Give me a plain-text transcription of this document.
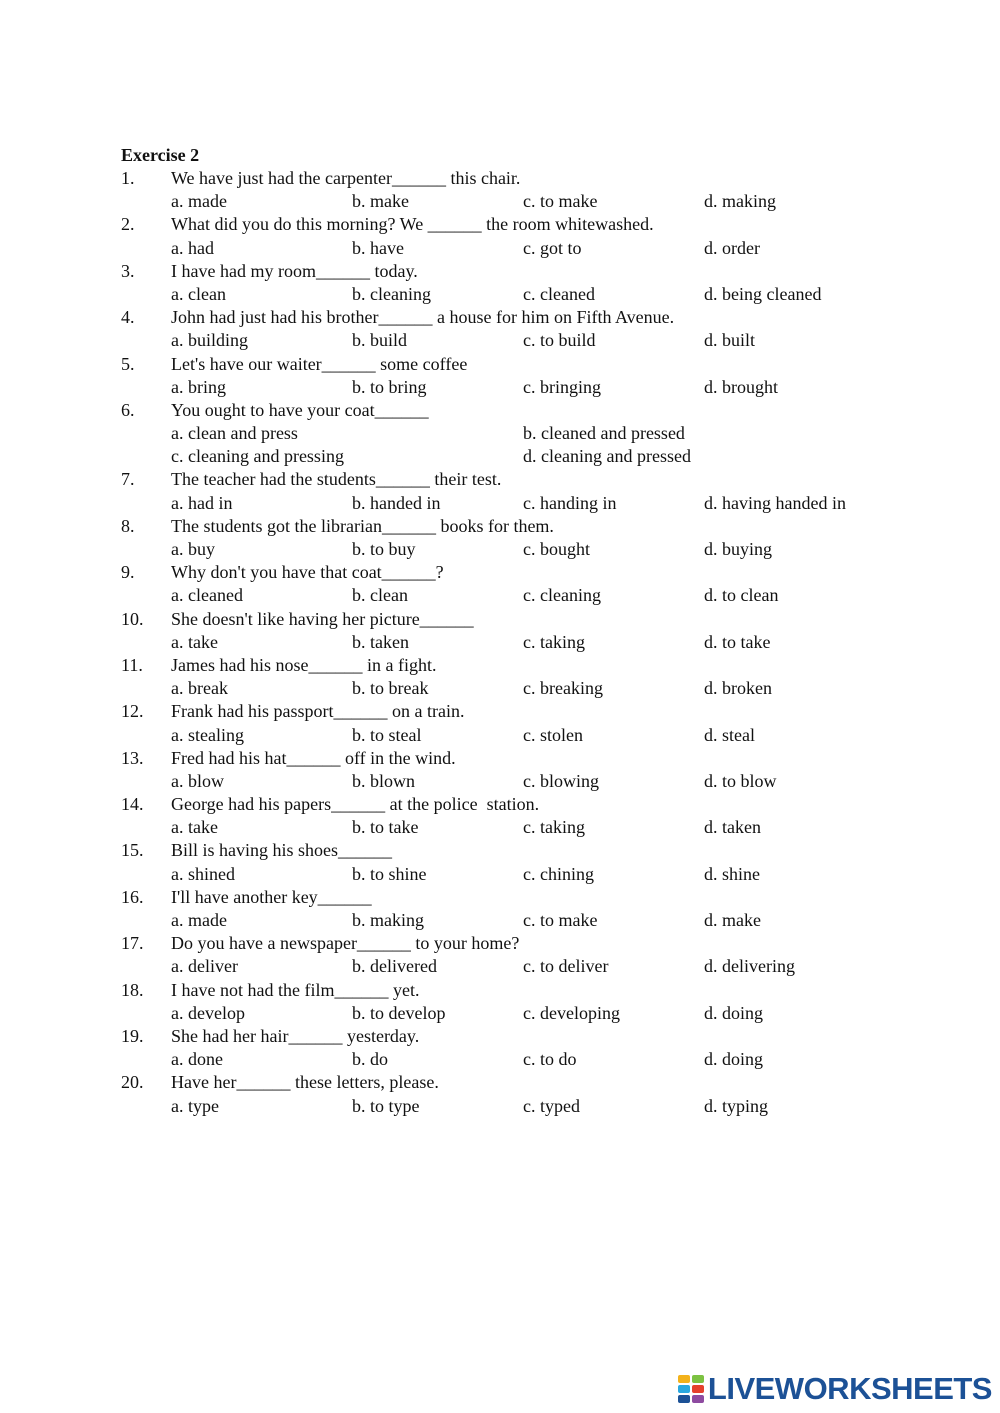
Exercise 2
1. We have just had the carpenter______ this chair.
a. made	b. make	c. to make	d. making
2. What did you do this morning? We ______ the room whitewashed.
a. had	b. have	c. got to	d. order
3. I have had my room______ today.
a. clean	b. cleaning	c. cleaned	d. being cleaned
4. John had just had his brother______ a house for him on Fifth Avenue.
a. building	b. build	c. to build	d. built
5. Let's have our waiter______ some coffee
a. bring	b. to bring	c. bringing	d. brought
6. You ought to have your coat______
a. clean and press	b. cleaned and pressed
c. cleaning and pressing	d. cleaning and pressed
7. The teacher had the students______ their test.
a. had in	b. handed in	c. handing in	d. having handed in
8. The students got the librarian______ books for them.
a. buy	b. to buy	c. bought	d. buying
9. Why don't you have that coat______?
a. cleaned	b. clean	c. cleaning	d. to clean
10. She doesn't like having her picture______
a. take	b. taken	c. taking	d. to take
11. James had his nose______ in a fight.
a. break	b. to break	c. breaking	d. broken
12. Frank had his passport______ on a train.
a. stealing	b. to steal	c. stolen	d. steal
13. Fred had his hat______ off in the wind.
a. blow	b. blown	c. blowing	d. to blow
14. George had his papers______ at the police  station.
a. take	b. to take	c. taking	d. taken
15. Bill is having his shoes______
a. shined	b. to shine	c. chining	d. shine
16. I'll have another key______
a. made	b. making	c. to make	d. make
17. Do you have a newspaper______ to your home?
a. deliver	b. delivered	c. to deliver	d. delivering
18. I have not had the film______ yet.
a. develop	b. to develop	c. developing	d. doing
19. She had her hair______ yesterday.
a. done	b. do	c. to do	d. doing
20. Have her______ these letters, please.
a. type	b. to type	c. typed	d. typing
LIVEWORKSHEETS
